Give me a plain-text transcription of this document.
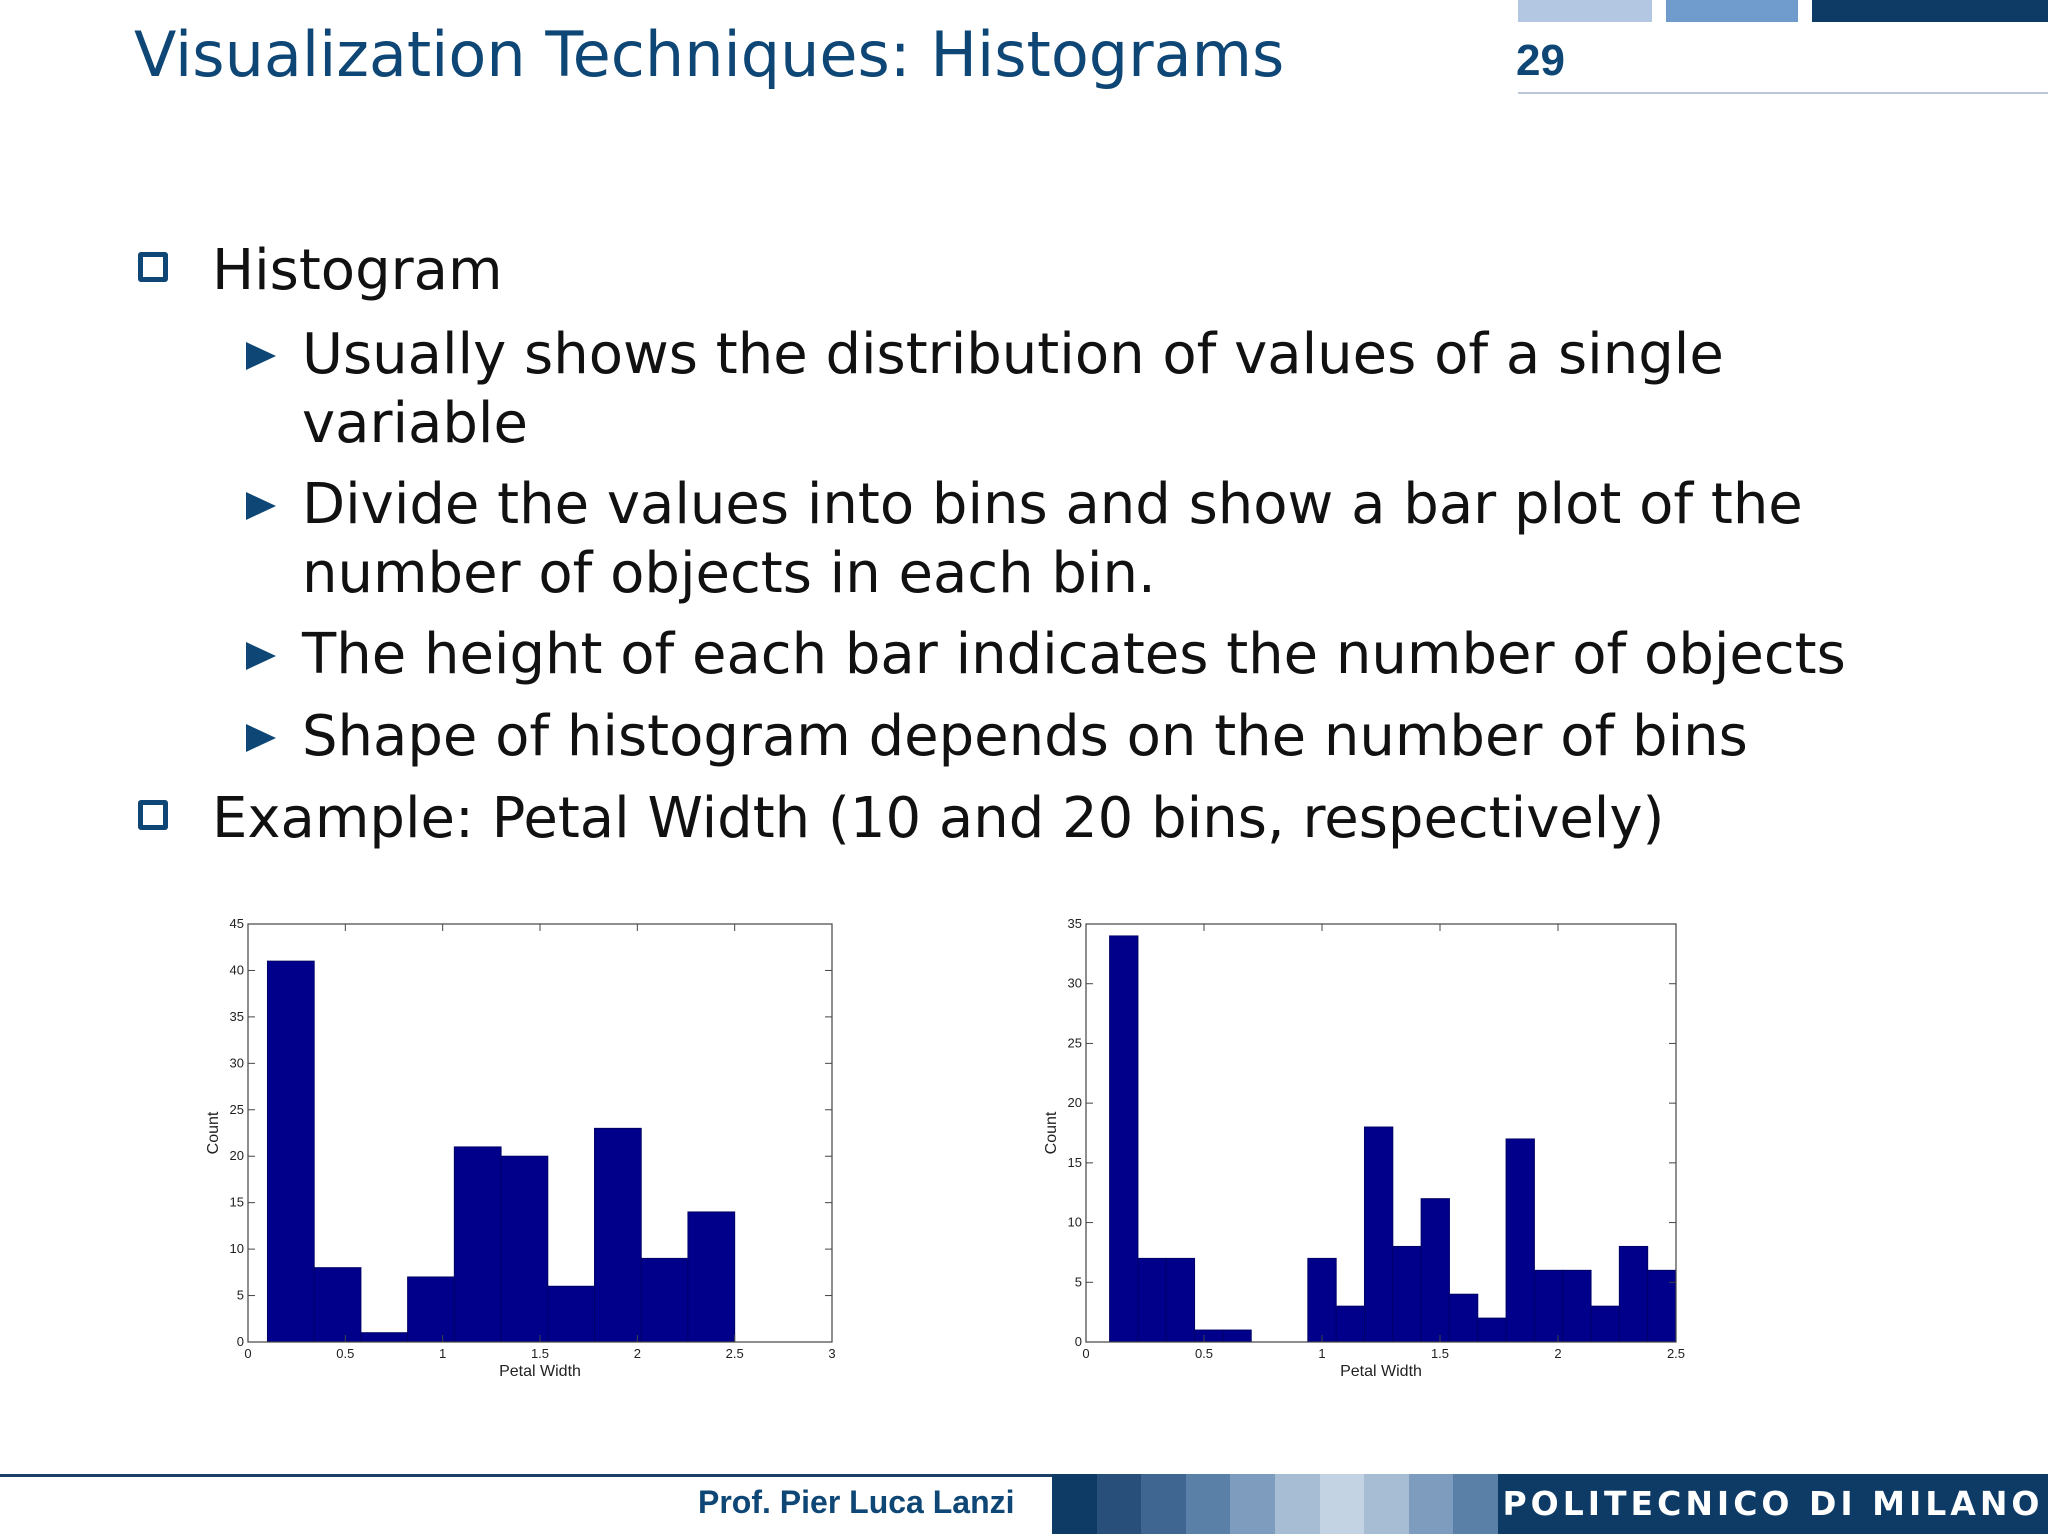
Visualization Techniques: Histograms	29
Histogram
Usually shows the distribution of values of a single
variable
Divide the values into bins and show a bar plot of the
number of objects in each bin.
The height of each bar indicates the number of objects
Shape of histogram depends on the number of bins
Example: Petal Width (10 and 20 bins, respectively)
0	0.5	1	1.5	2	2.5	3
0
5
10
15
20
25
30
35
40
45
Petal Width
Count
0	0.5	1	1.5	2	2.5
0
5
10
15
20
25
30
35
Petal Width
Count
Prof. Pier Luca Lanzi	POLITECNICO DI MILANO
